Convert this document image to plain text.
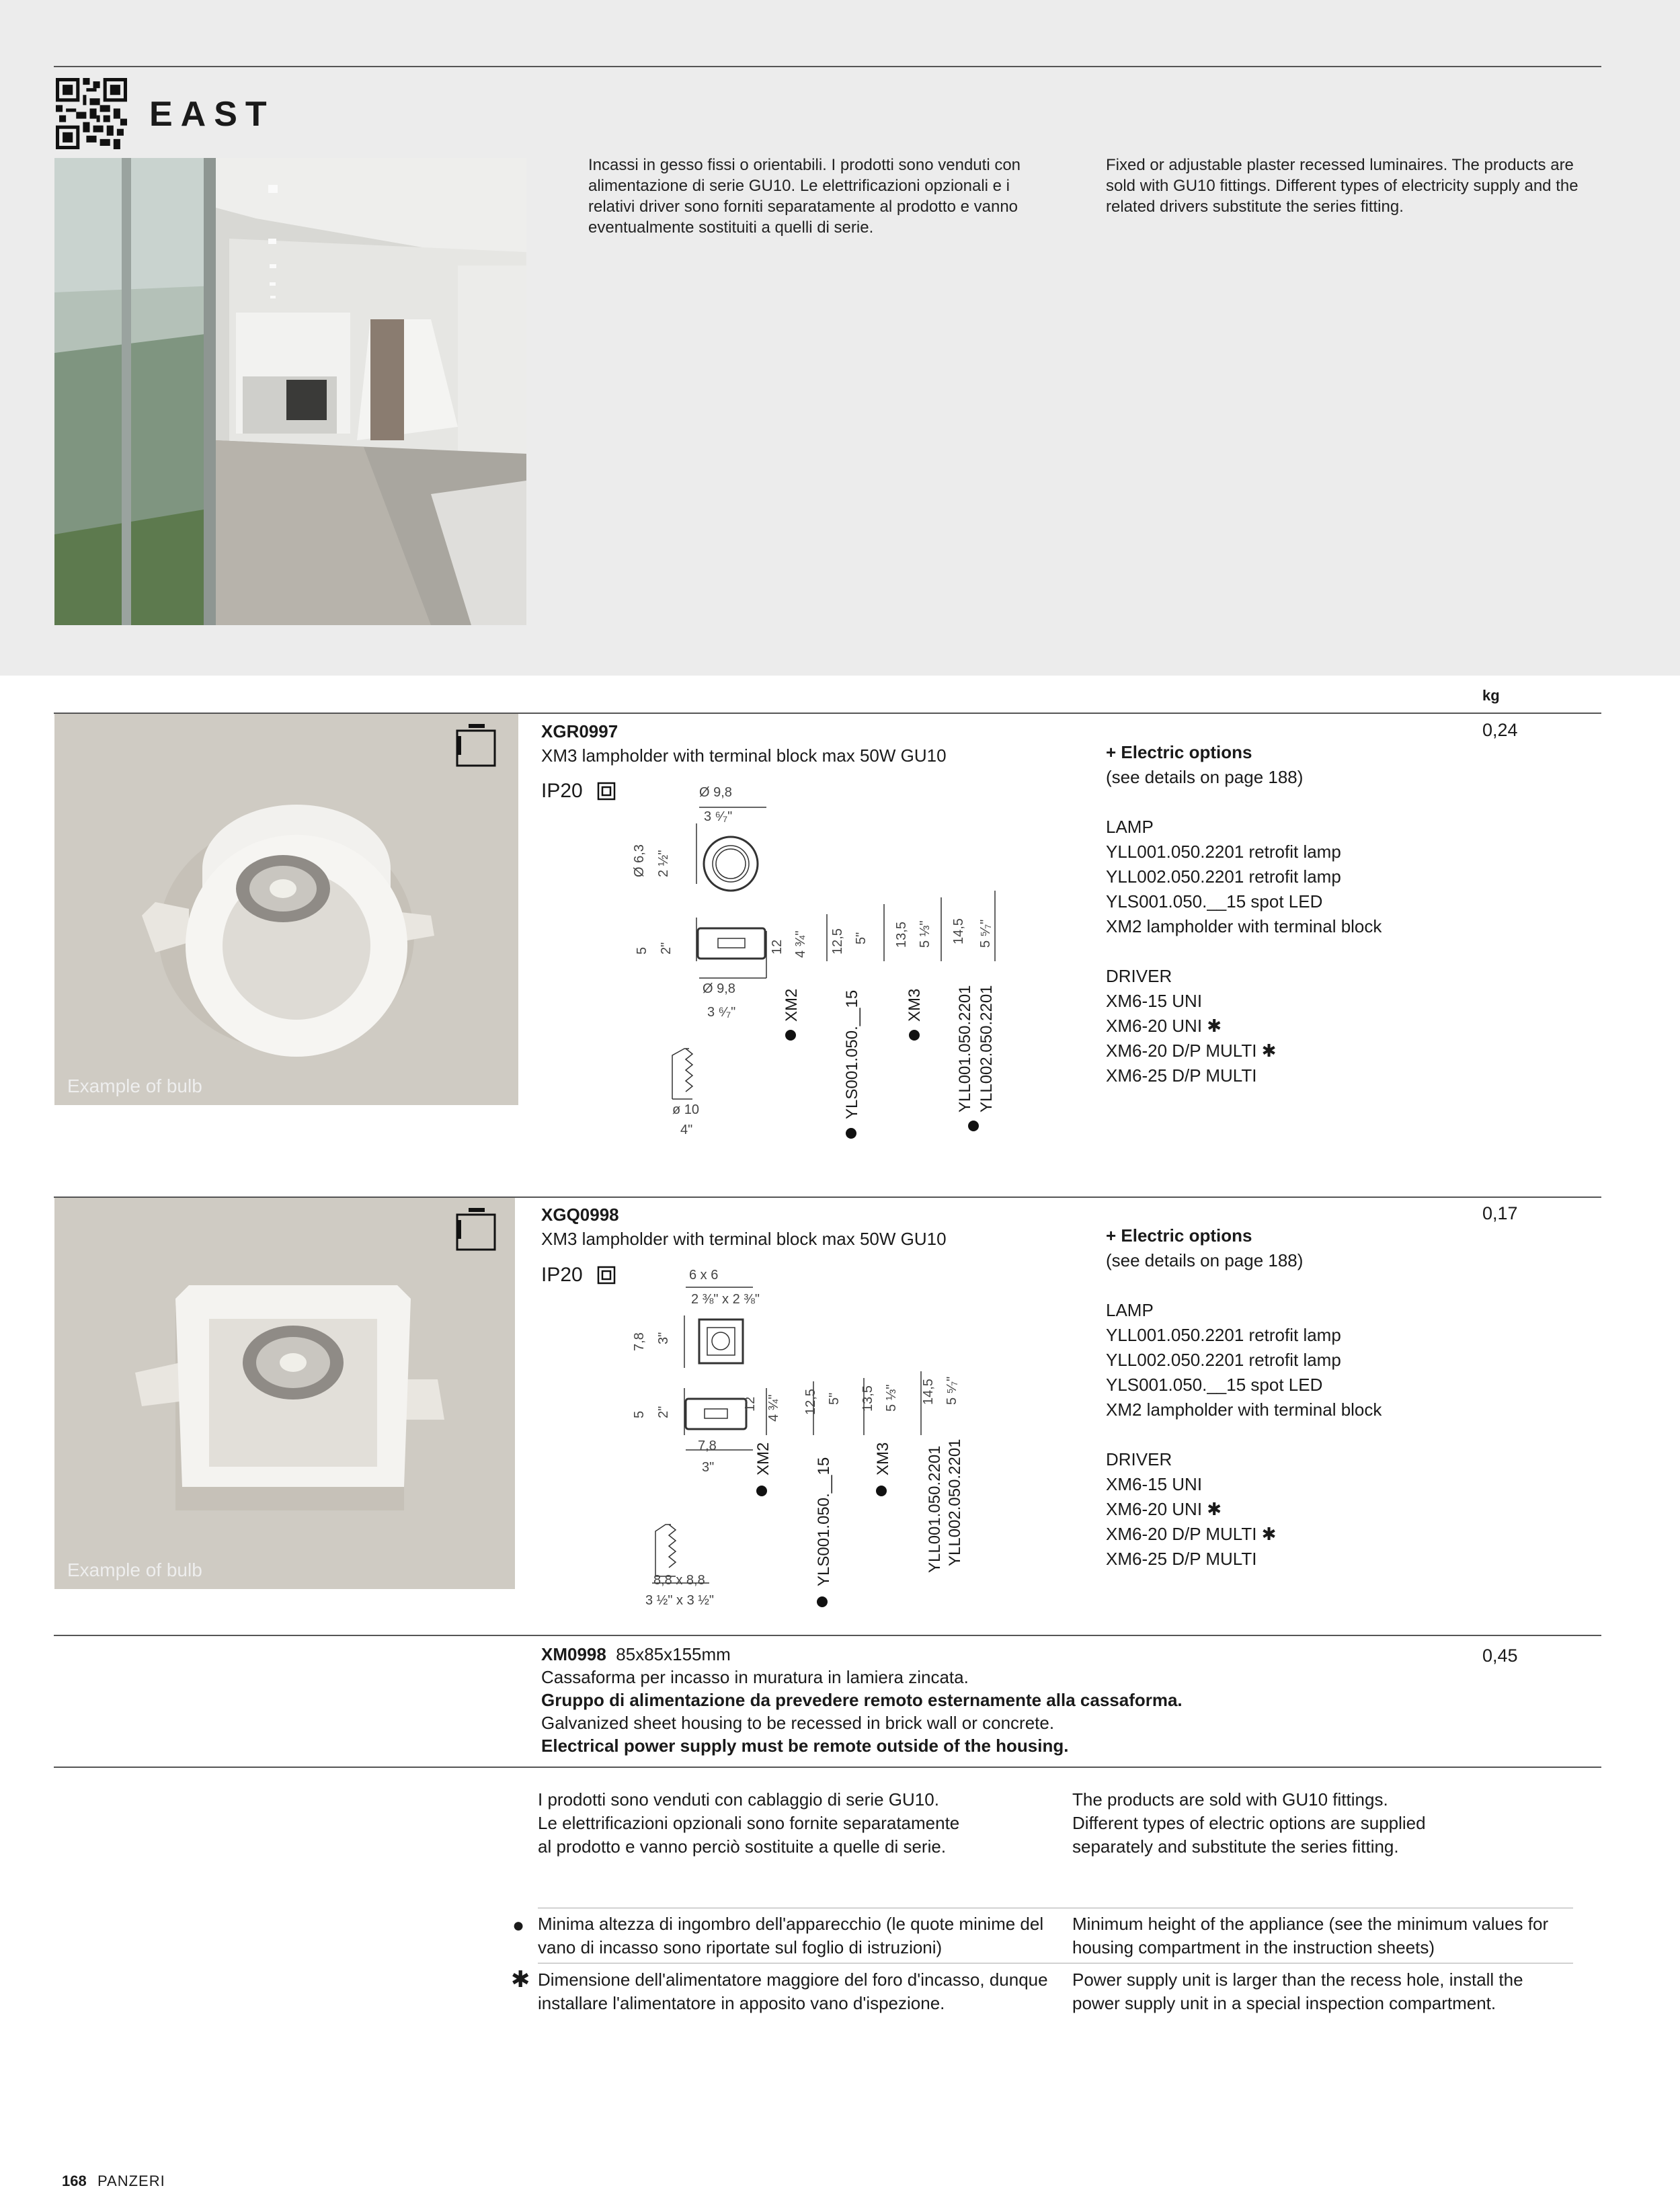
EAST
Incassi in gesso fissi o orientabili. I prodotti sono venduti con alimentazione di serie GU10. Le elettrificazioni opzionali e i relativi driver sono forniti separatamente al prodotto e vanno eventualmente sostituiti a quelli di serie.
Fixed or adjustable plaster recessed luminaires. The products are sold with GU10 fittings. Different types of electricity supply and the related drivers substitute the series fitting.
kg
Example of bulb
XGR0997
XM3 lampholder with terminal block max 50W GU10
IP20
0,24
Ø 9,8
3 ⁶⁄₇"
Ø 6,3 2 ½"
5 2"
Ø 9,8
3 ⁶⁄₇"
ø 10
4"
12 4 ¾" 12,5 5" 13,5 5 ⅓" 14,5 5 ⁵⁄₇"
XM2	YLS001.050.__15	XM3 YLL001.050.2201 YLL002.050.2201
+ Electric options
(see details on page 188)
LAMP
YLL001.050.2201 retrofit lamp
YLL002.050.2201 retrofit lamp
YLS001.050.__15 spot LED
XM2 lampholder with terminal block
DRIVER
XM6-15 UNI
XM6-20 UNI ✱
XM6-20 D/P MULTI ✱
XM6-25 D/P MULTI
Example of bulb
XGQ0998
XM3 lampholder with terminal block max 50W GU10
IP20
0,17
6 x 6
2 ⅜" x 2 ⅜"
7,8 3"
5 2"
7,8
3"
8,8 x 8,8
3 ½" x 3 ½"
12 4 ¾" 12,5 5" 13,5 5 ⅓" 14,5 5 ⁵⁄₇"
XM2	YLS001.050.__15	XM3 YLL001.050.2201 YLL002.050.2201
+ Electric options
(see details on page 188)
LAMP
YLL001.050.2201 retrofit lamp
YLL002.050.2201 retrofit lamp
YLS001.050.__15 spot LED
XM2 lampholder with terminal block
DRIVER
XM6-15 UNI
XM6-20 UNI ✱
XM6-20 D/P MULTI ✱
XM6-25 D/P MULTI
XM0998 85x85x155mm
Cassaforma per incasso in muratura in lamiera zincata.
Gruppo di alimentazione da prevedere remoto esternamente alla cassaforma.
Galvanized sheet housing to be recessed in brick wall or concrete.
Electrical power supply must be remote outside of the housing.
0,45
I prodotti sono venduti con cablaggio di serie GU10.
Le elettrificazioni opzionali sono fornite separatamente
al prodotto e vanno perciò sostituite a quelle di serie.
The products are sold with GU10 fittings.
Different types of electric options are supplied
separately and substitute the series fitting.
● Minima altezza di ingombro dell'apparecchio (le quote minime del vano di incasso sono riportate sul foglio di istruzioni)
Minimum height of the appliance (see the minimum values for housing compartment in the instruction sheets)
✱ Dimensione dell'alimentatore maggiore del foro d'incasso, dunque installare l'alimentatore in apposito vano d'ispezione.
Power supply unit is larger than the recess hole, install the power supply unit in a special inspection compartment.
168 PANZERI
